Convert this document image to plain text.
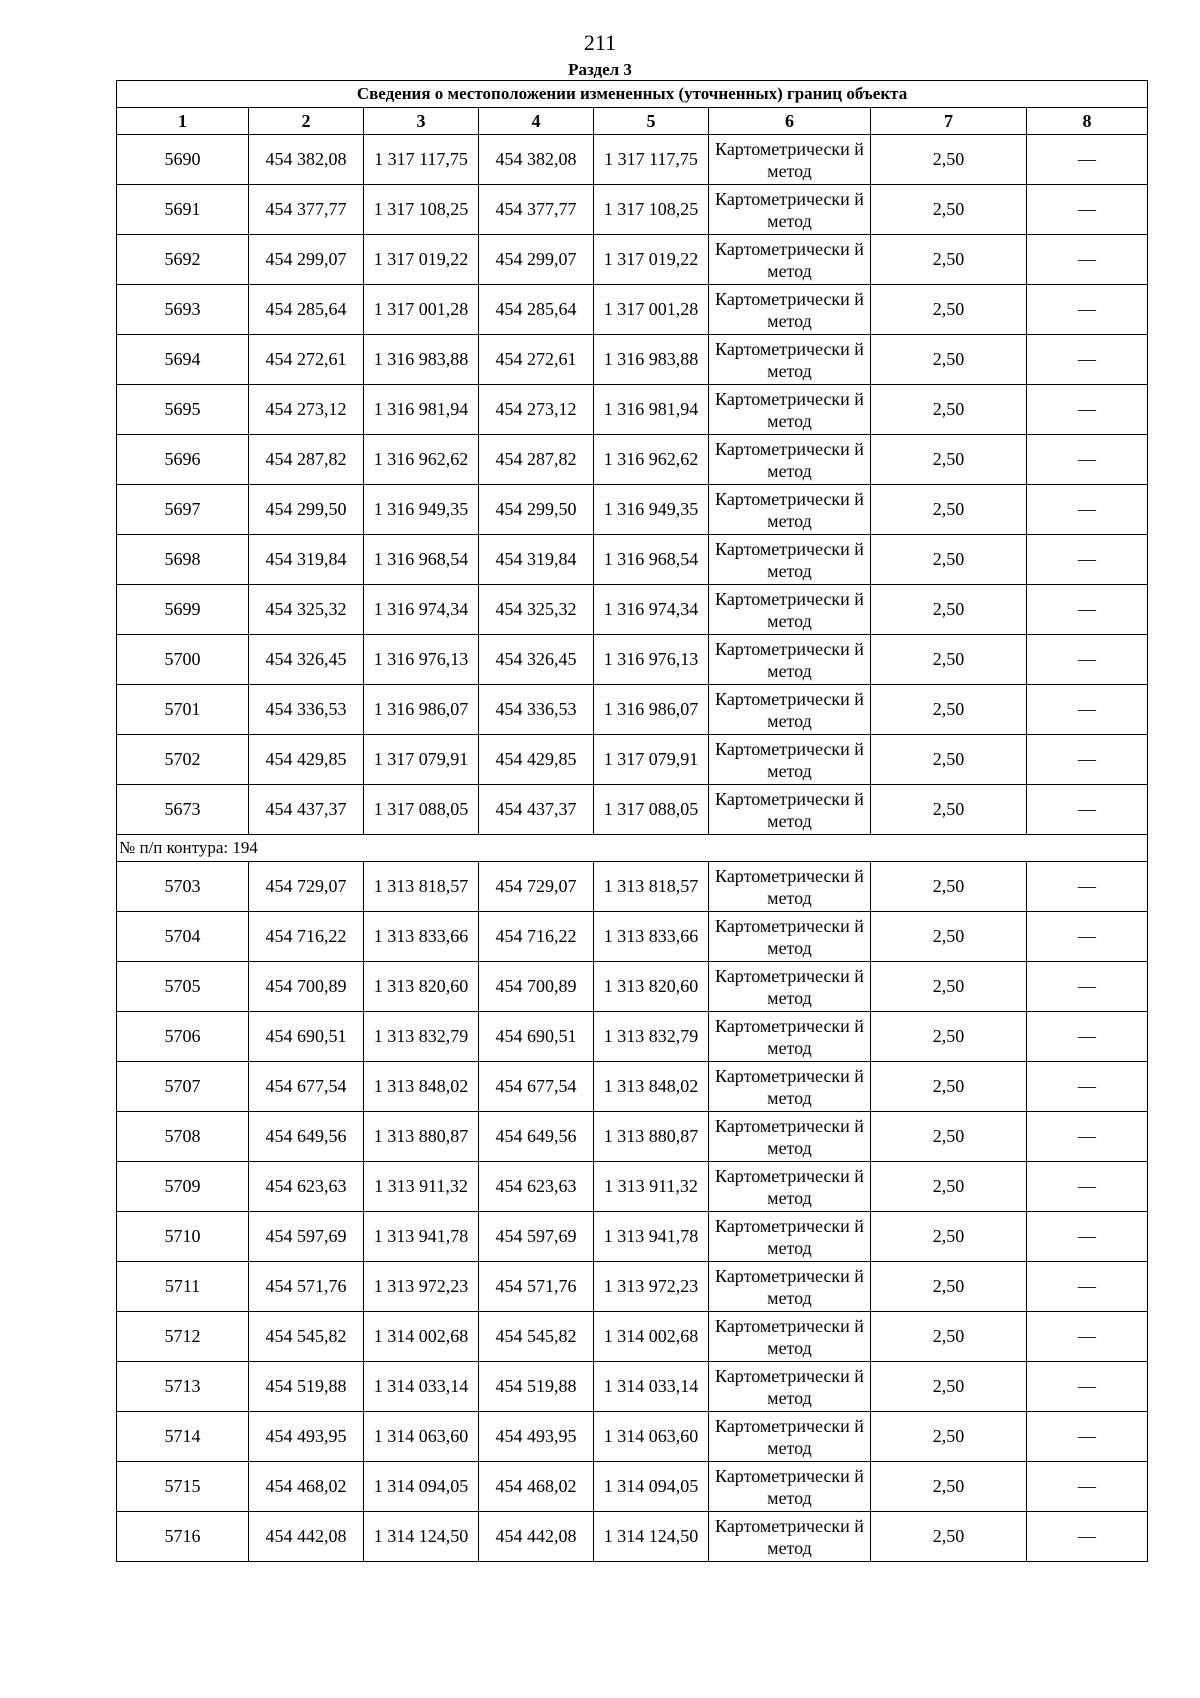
211
Раздел 3
Сведения о местоположении измененных (уточненных) границ объекта							
1	2	3	4	5	6	7	8
5690	454 382,08	1 317 117,75	454 382,08	1 317 117,75	Картометрически й метод	2,50	—
5691	454 377,77	1 317 108,25	454 377,77	1 317 108,25	Картометрически й метод	2,50	—
5692	454 299,07	1 317 019,22	454 299,07	1 317 019,22	Картометрически й метод	2,50	—
5693	454 285,64	1 317 001,28	454 285,64	1 317 001,28	Картометрически й метод	2,50	—
5694	454 272,61	1 316 983,88	454 272,61	1 316 983,88	Картометрически й метод	2,50	—
5695	454 273,12	1 316 981,94	454 273,12	1 316 981,94	Картометрически й метод	2,50	—
5696	454 287,82	1 316 962,62	454 287,82	1 316 962,62	Картометрически й метод	2,50	—
5697	454 299,50	1 316 949,35	454 299,50	1 316 949,35	Картометрически й метод	2,50	—
5698	454 319,84	1 316 968,54	454 319,84	1 316 968,54	Картометрически й метод	2,50	—
5699	454 325,32	1 316 974,34	454 325,32	1 316 974,34	Картометрически й метод	2,50	—
5700	454 326,45	1 316 976,13	454 326,45	1 316 976,13	Картометрически й метод	2,50	—
5701	454 336,53	1 316 986,07	454 336,53	1 316 986,07	Картометрически й метод	2,50	—
5702	454 429,85	1 317 079,91	454 429,85	1 317 079,91	Картометрически й метод	2,50	—
5673	454 437,37	1 317 088,05	454 437,37	1 317 088,05	Картометрически й метод	2,50	—
№ п/п контура: 194							
5703	454 729,07	1 313 818,57	454 729,07	1 313 818,57	Картометрически й метод	2,50	—
5704	454 716,22	1 313 833,66	454 716,22	1 313 833,66	Картометрически й метод	2,50	—
5705	454 700,89	1 313 820,60	454 700,89	1 313 820,60	Картометрически й метод	2,50	—
5706	454 690,51	1 313 832,79	454 690,51	1 313 832,79	Картометрически й метод	2,50	—
5707	454 677,54	1 313 848,02	454 677,54	1 313 848,02	Картометрически й метод	2,50	—
5708	454 649,56	1 313 880,87	454 649,56	1 313 880,87	Картометрически й метод	2,50	—
5709	454 623,63	1 313 911,32	454 623,63	1 313 911,32	Картометрически й метод	2,50	—
5710	454 597,69	1 313 941,78	454 597,69	1 313 941,78	Картометрически й метод	2,50	—
5711	454 571,76	1 313 972,23	454 571,76	1 313 972,23	Картометрически й метод	2,50	—
5712	454 545,82	1 314 002,68	454 545,82	1 314 002,68	Картометрически й метод	2,50	—
5713	454 519,88	1 314 033,14	454 519,88	1 314 033,14	Картометрически й метод	2,50	—
5714	454 493,95	1 314 063,60	454 493,95	1 314 063,60	Картометрически й метод	2,50	—
5715	454 468,02	1 314 094,05	454 468,02	1 314 094,05	Картометрически й метод	2,50	—
5716	454 442,08	1 314 124,50	454 442,08	1 314 124,50	Картометрически й метод	2,50	—
